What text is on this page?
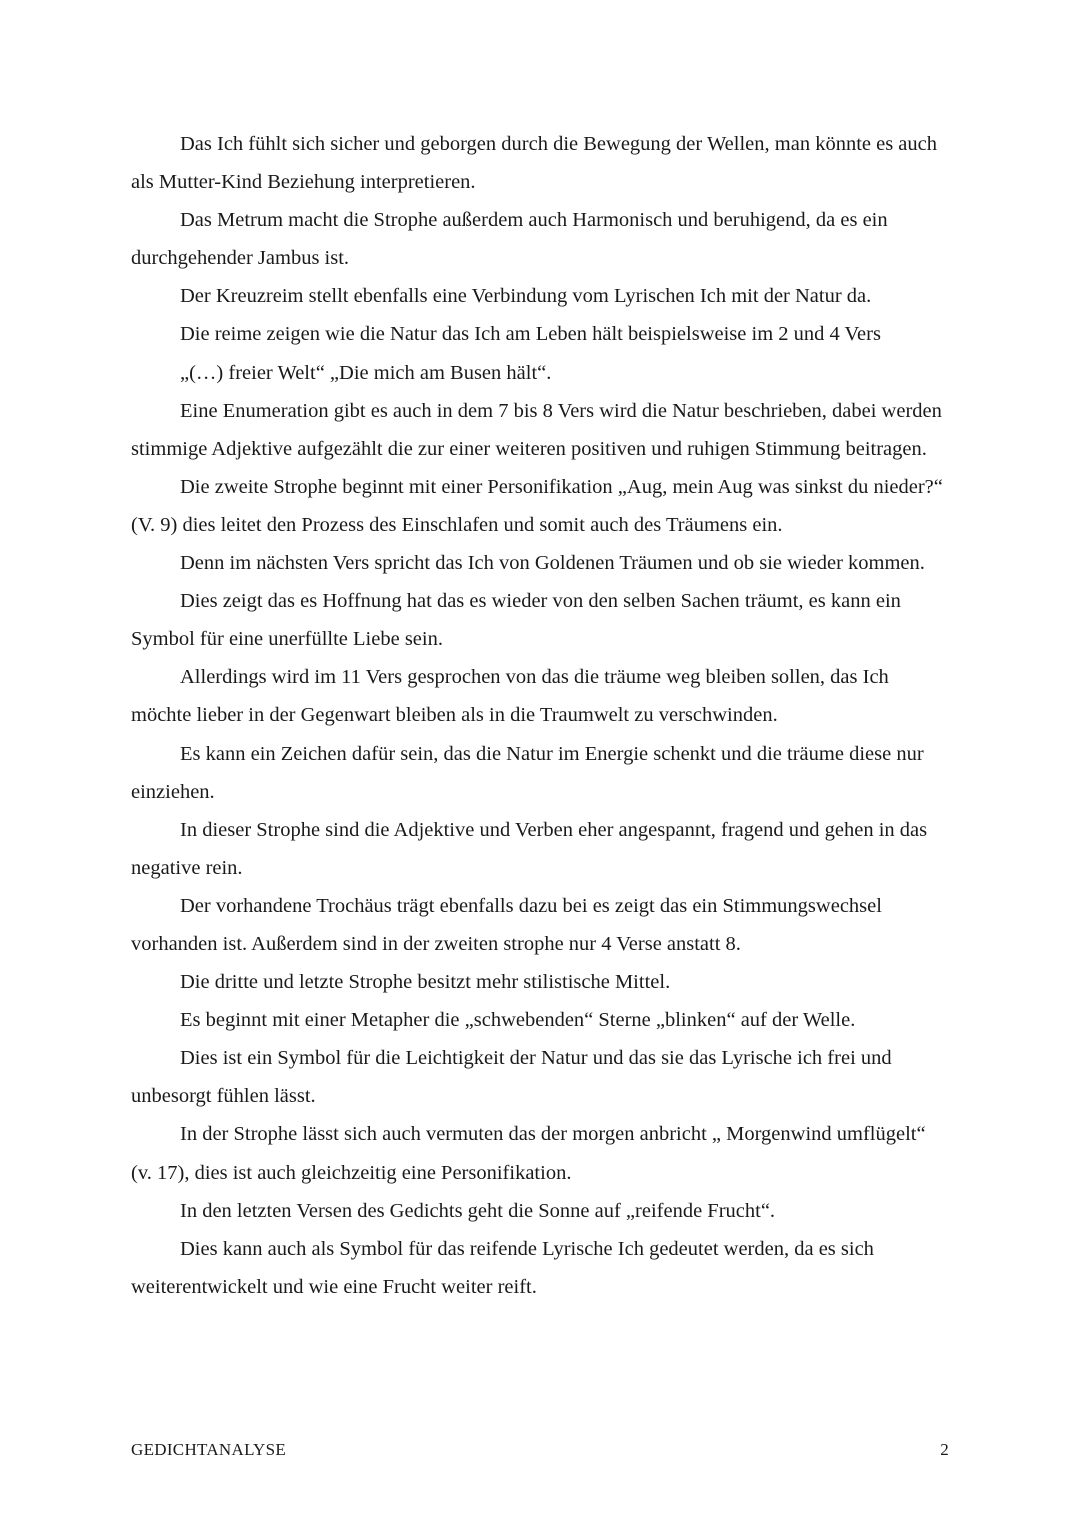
Das Ich fühlt sich sicher und geborgen durch die Bewegung der Wellen, man könnte es auch als Mutter-Kind Beziehung interpretieren.

Das Metrum macht die Strophe außerdem auch Harmonisch und beruhigend, da es ein durchgehender Jambus ist.

Der Kreuzreim stellt ebenfalls eine Verbindung vom Lyrischen Ich mit der Natur da.

Die reime zeigen wie die Natur das Ich am Leben hält beispielsweise im 2 und 4 Vers

„(…) freier Welt“ „Die mich am Busen hält“.

Eine Enumeration gibt es auch in dem 7 bis 8 Vers wird die Natur beschrieben, dabei werden stimmige Adjektive aufgezählt die zur einer weiteren positiven und ruhigen Stimmung beitragen.

Die zweite Strophe beginnt mit einer Personifikation „Aug, mein Aug was sinkst du nieder?“ (V. 9) dies leitet den Prozess des Einschlafen und somit auch des Träumens ein.

Denn im nächsten Vers spricht das Ich von Goldenen Träumen und ob sie wieder kommen.

Dies zeigt das es Hoffnung hat das es wieder von den selben Sachen träumt, es kann ein Symbol für eine unerfüllte Liebe sein.

Allerdings wird im 11 Vers gesprochen von das die träume weg bleiben sollen, das Ich möchte lieber in der Gegenwart bleiben als in die Traumwelt zu verschwinden.

Es kann ein Zeichen dafür sein, das die Natur im Energie schenkt und die träume diese nur einziehen.

In dieser Strophe sind die Adjektive und Verben eher angespannt, fragend und gehen in das negative rein.

Der vorhandene Trochäus trägt ebenfalls dazu bei es zeigt das ein Stimmungswechsel vorhanden ist. Außerdem sind in der zweiten strophe nur 4 Verse anstatt 8.

Die dritte und letzte Strophe besitzt mehr stilistische Mittel.

Es beginnt mit einer Metapher die „schwebenden“ Sterne „blinken“ auf der Welle.

Dies ist ein Symbol für die Leichtigkeit der Natur und das sie das Lyrische ich frei und unbesorgt fühlen lässt.

In der Strophe lässt sich auch vermuten das der morgen anbricht „ Morgenwind umflügelt“ (v. 17), dies ist auch gleichzeitig eine Personifikation.

In den letzten Versen des Gedichts geht die Sonne auf „reifende Frucht“.

Dies kann auch als Symbol für das reifende Lyrische Ich gedeutet werden, da es sich weiterentwickelt und wie eine Frucht weiter reift.

GEDICHTANALYSE	2
